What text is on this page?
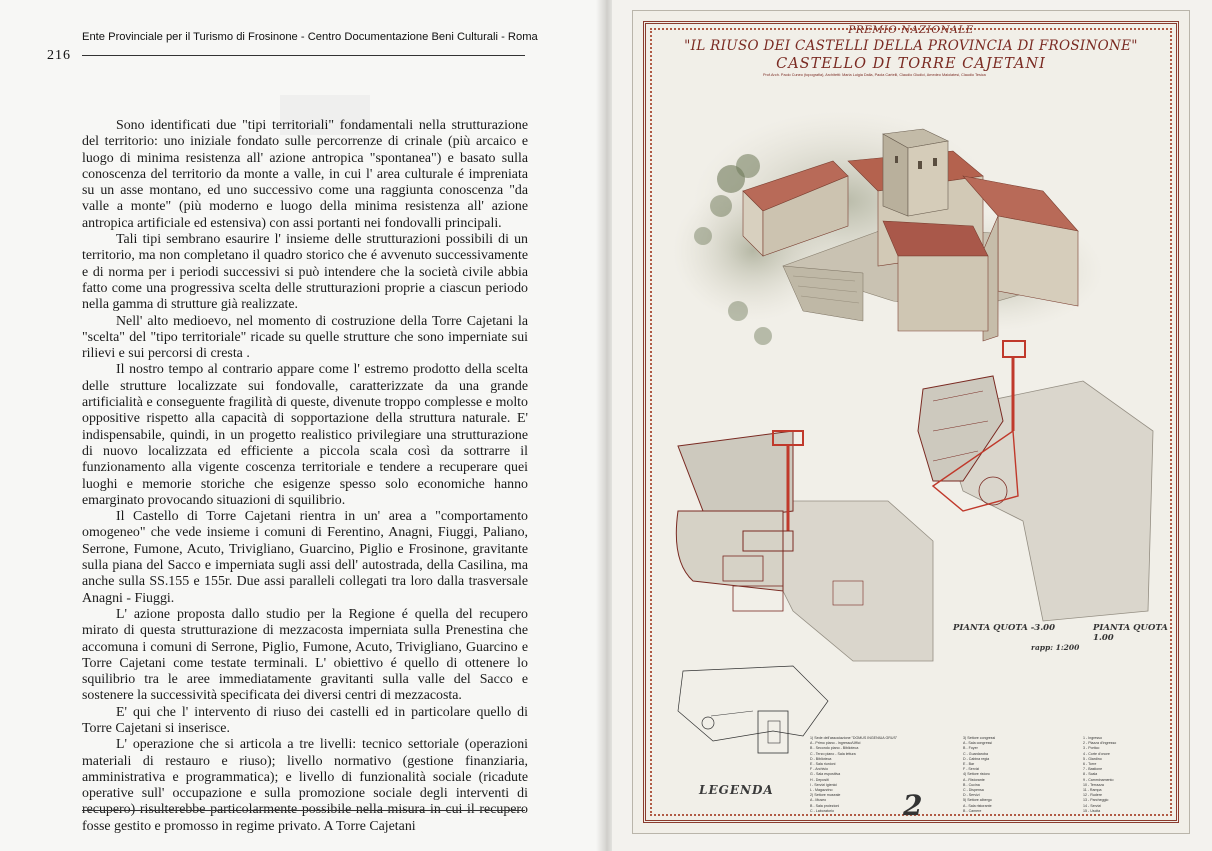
Ente Provinciale per il Turismo di Frosinone - Centro Documentazione Beni Culturali - Roma
216

Sono identificati due "tipi territoriali" fondamentali nella strutturazione del territorio: uno iniziale fondato sulle percorrenze di crinale (più arcaico e luogo di minima resistenza all' azione antropica "spontanea") e basato sulla conoscenza del territorio da monte a valle, in cui l' area culturale é impreniata su un asse montano, ed uno successivo come una raggiunta conoscenza "da valle a monte" (più moderno e luogo della minima resistenza all' azione antropica artificiale ed estensiva) con assi portanti nei fondovalli principali.

Tali tipi sembrano esaurire l' insieme delle strutturazioni possibili di un territorio, ma non completano il quadro storico che é avvenuto successivamente e di norma per i periodi successivi si può intendere che la società civile abbia fatto come una progressiva scelta delle strutturazioni proprie a ciascun periodo nella gamma di strutture già realizzate.

Nell' alto medioevo, nel momento di costruzione della Torre Cajetani la "scelta" del "tipo territoriale" ricade su quelle strutture che sono imperniate sui rilievi e sui percorsi di cresta .

Il nostro tempo al contrario appare come l' estremo prodotto della scelta delle strutture localizzate sui fondovalle, caratterizzate da una grande artificialità e conseguente fragilità di queste, divenute troppo complesse e molto oppositive rispetto alla capacità di sopportazione della struttura naturale. E' indispensabile, quindi, in un progetto realistico privilegiare una strutturazione di nuovo localizzata ed efficiente a piccola scala così da sottrarre il funzionamento alla vigente coscenza territoriale e tendere a recuperare quei luoghi e memorie storiche che esigenze spesso solo economiche hanno emarginato provocando situazioni di squilibrio.

Il Castello di Torre Cajetani rientra in un' area a "comportamento omogeneo" che vede insieme i comuni di Ferentino, Anagni, Fiuggi, Paliano, Serrone, Fumone, Acuto, Trivigliano, Guarcino, Piglio e Frosinone, gravitante sulla piana del Sacco e imperniata sugli assi dell' autostrada, della Casilina, ma anche sulla SS.155 e 155r. Due assi paralleli collegati tra loro dalla trasversale Anagni - Fiuggi.

L' azione proposta dallo studio per la Regione é quella del recupero mirato di questa strutturazione di mezzacosta imperniata sulla Prenestina che accomuna i comuni di Serrone, Piglio, Fumone, Acuto, Trivigliano, Guarcino e Torre Cajetani come testate terminali. L' obiettivo é quello di ottenere lo squilibrio tra le aree immediatamente gravitanti sulla valle del Sacco e sostenere la successività specificata dei diversi centri di mezzacosta.

E' qui che l' intervento di riuso dei castelli ed in particolare quello di Torre Cajetani si inserisce.

L' operazione che si articola a tre livelli: tecnico settoriale (operazioni materiali di restauro e riuso); livello normativo (gestione finanziaria, amministrativa e programmatica); e livello di funzionalità sociale (ricadute operative sull' occupazione e sulla promozione sociale degli interventi di recupero) risulterebbe particolarmente possibile nella misura in cui il recupero fosse gestito e promosso in regime privato. A Torre Cajetani

PREMIO NAZIONALE
"IL RIUSO DEI CASTELLI DELLA PROVINCIA DI FROSINONE"
CASTELLO DI TORRE CAJETANI
Prof.Arch. Paolo Cuneo (topografia), Architetti: Maria Luigia Dalla, Paola Cartelli, Claudio Giudici, Amedeo Maiolatesi, Claudio Tesica
PIANTA QUOTA -3.00	PIANTA QUOTA 1.00
rapp: 1:200
1) Sede dell'associazione "DOMUS INGENIUA GRUS"
A - Primo piano - Ingresso/Uffici
B - Secondo piano - Biblioteca
C - Terzo piano - Sala lettura
D - Biblioteca
E - Sala riunioni
F - Archivio
G - Sala espositiva
H - Depositi
I - Servizi igienici
L - Magazzino
2) Settore museale
A - Museo
B - Sala proiezioni
C - Laboratorio
3) Settore congressi
A - Sala congressi
B - Foyer
C - Guardaroba
D - Cabina regia
E - Bar
F - Servizi
4) Settore ristoro
A - Ristorante
B - Cucina
C - Dispensa
D - Servizi
5) Settore albergo
A - Sala ristorante
B - Camere
1 - Ingresso
2 - Piazza d'ingresso
3 - Portico
4 - Corte d'onore
5 - Giardino
6 - Torre
7 - Bastione
8 - Scala
9 - Camminamento
10 - Terrazza
11 - Rampa
12 - Rudere
13 - Parcheggio
14 - Servizi
15 - Uscita
LEGENDA	2
